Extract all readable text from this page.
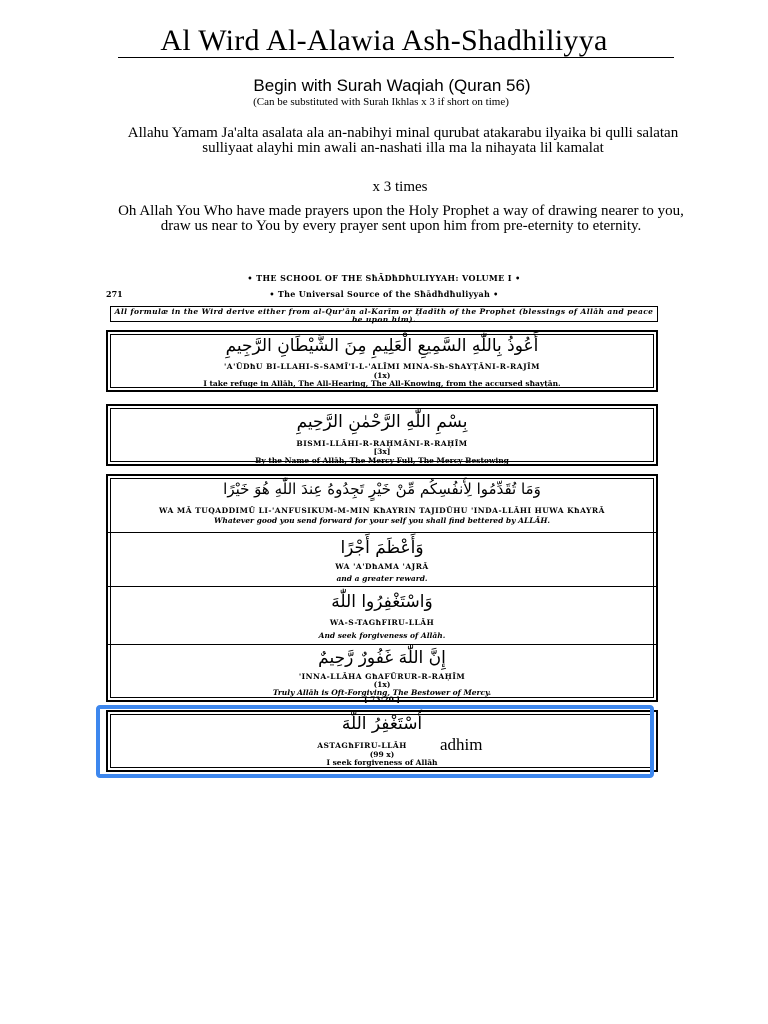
Al Wird Al-Alawia Ash-Shadhiliyya
Begin with Surah Waqiah (Quran 56)
(Can be substituted with Surah Ikhlas x 3 if short on time)
Allahu Yamam Ja'alta asalata ala an-nabihyi minal qurubat atakarabu ilyaika bi qulli salatan sulliyaat alayhi min awali an-nashati illa ma la nihayata lil kamalat
x 3 times
Oh Allah You Who have made prayers upon the Holy Prophet a way of drawing nearer to you, draw us near to You by every prayer sent upon him from pre-eternity to eternity.
• THE SCHOOL OF THE SħĀDħDħULIYYAH: VOLUME I •
271	• The Universal Source of the Sħādħdħuliyyah •
All formulæ in the Wird derive either from al-Qur'ān al-Karīm or Ḥadīth of the Prophet (blessings of Allāh and peace be upon him).
أَعُوذُ بِاللّٰهِ السَّمِيعِ الْعَلِيمِ مِنَ الشَّيْطَانِ الرَّجِيمِ
'A'ŪDħU BI-LLAHI-S-SAMĪ'I-L-'ALĪMI MINA-Sh-SħAYṬĀNI-R-RAJĪM
(1x)
I take refuge in Allāh, The All-Hearing, The All-Knowing, from the accursed sħayṭān.
بِسْمِ اللّٰهِ الرَّحْمٰنِ الرَّحِيمِ
BISMI-LLĀHI-R-RAḤMĀNI-R-RAḤĪM
[3x]
By the Name of Allāh, The Mercy Full, The Mercy Bestowing
وَمَا تُقَدِّمُوا لِأَنفُسِكُم مِّنْ خَيْرٍ تَجِدُوهُ عِندَ اللّٰهِ هُوَ خَيْرًا
WA MĀ TUQADDIMŪ LI-'ANFUSIKUM-M-MIN KħAYRIN TAJIDŪHU 'INDA-LLĀHI HUWA KħAYRĀ
Whatever good you send forward for your self you shall find bettered by ALLĀH.
وَأَعْظَمَ أَجْرًا
WA 'A'DħAMA 'AJRĀ
and a greater reward.
وَاسْتَغْفِرُوا اللّٰهَ
WA-S-TAGħFIRU-LLĀH
And seek forgiveness of Allāh.
إِنَّ اللّٰهَ غَفُورٌ رَّحِيمٌ
'INNA-LLĀHA GħAFŪRUR-R-RAḤĪM
(1x)
Truly Allāh is Oft-Forgiving, The Bestower of Mercy.
[ 73:20 ]
أَسْتَغْفِرُ اللّٰهَ
ASTAGħFIRU-LLĀH
(99 x)
I seek forgiveness of Allāh
adhim
